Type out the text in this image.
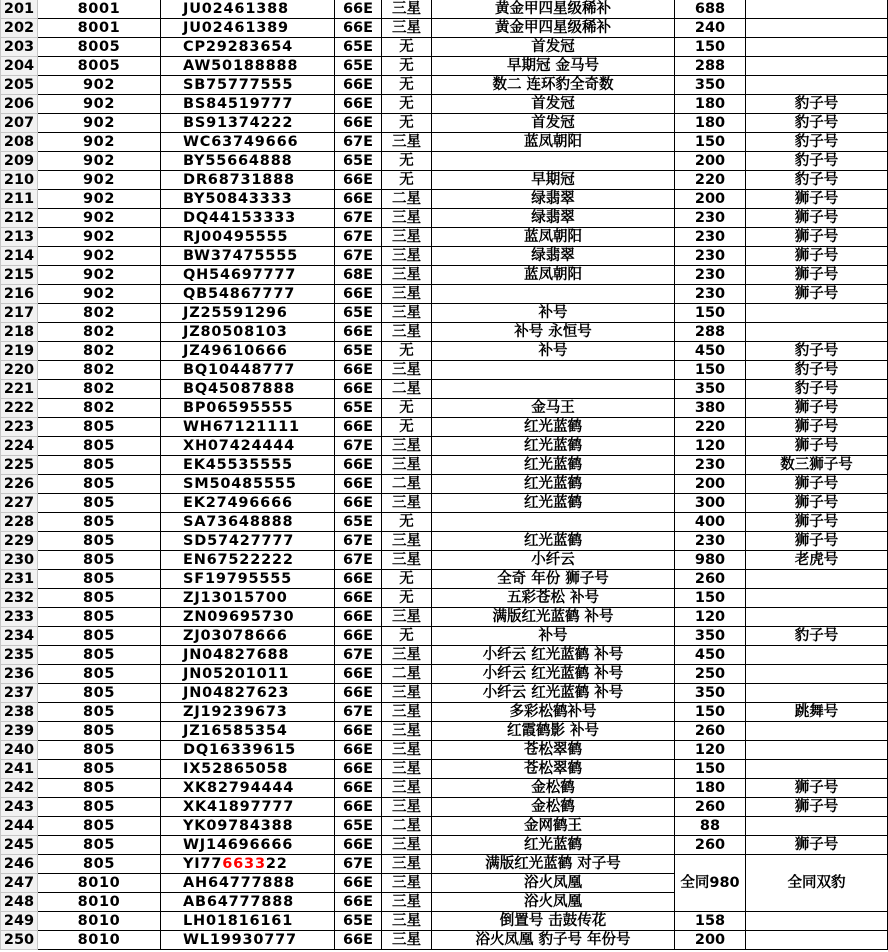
201	8001	JU02461388	66E	三星	黄金甲四星级稀补	688	
202	8001	JU02461389	66E	三星	黄金甲四星级稀补	240	
203	8005	CP29283654	65E	无	首发冠	150	
204	8005	AW50188888	65E	无	早期冠 金马号	288	
205	902	SB75777555	66E	无	数二 连环豹全奇数	350	
206	902	BS84519777	66E	无	首发冠	180	豹子号
207	902	BS91374222	66E	无	首发冠	180	豹子号
208	902	WC63749666	67E	三星	蓝凤朝阳	150	豹子号
209	902	BY55664888	65E	无		200	豹子号
210	902	DR68731888	66E	无	早期冠	220	豹子号
211	902	BY50843333	66E	二星	绿翡翠	200	狮子号
212	902	DQ44153333	67E	三星	绿翡翠	230	狮子号
213	902	RJ00495555	67E	三星	蓝凤朝阳	230	狮子号
214	902	BW37475555	67E	三星	绿翡翠	230	狮子号
215	902	QH54697777	68E	三星	蓝凤朝阳	230	狮子号
216	902	QB54867777	66E	三星		230	狮子号
217	802	JZ25591296	65E	三星	补号	150	
218	802	JZ80508103	66E	三星	补号 永恒号	288	
219	802	JZ49610666	65E	无	补号	450	豹子号
220	802	BQ10448777	66E	三星		150	豹子号
221	802	BQ45087888	66E	二星		350	豹子号
222	802	BP06595555	65E	无	金马王	380	狮子号
223	805	WH67121111	66E	无	红光蓝鹤	220	狮子号
224	805	XH07424444	67E	三星	红光蓝鹤	120	狮子号
225	805	EK45535555	66E	三星	红光蓝鹤	230	数三狮子号
226	805	SM50485555	66E	二星	红光蓝鹤	200	狮子号
227	805	EK27496666	66E	三星	红光蓝鹤	300	狮子号
228	805	SA73648888	65E	无		400	狮子号
229	805	SD57427777	67E	三星	红光蓝鹤	230	狮子号
230	805	EN67522222	67E	三星	小纤云	980	老虎号
231	805	SF19795555	66E	无	全奇 年份 狮子号	260	
232	805	ZJ13015700	66E	无	五彩苍松 补号	150	
233	805	ZN09695730	66E	三星	满版红光蓝鹤 补号	120	
234	805	ZJ03078666	66E	无	补号	350	豹子号
235	805	JN04827688	67E	三星	小纤云 红光蓝鹤 补号	450	
236	805	JN05201011	66E	二星	小纤云 红光蓝鹤 补号	250	
237	805	JN04827623	66E	三星	小纤云 红光蓝鹤 补号	350	
238	805	ZJ19239673	67E	三星	多彩松鹤补号	150	跳舞号
239	805	JZ16585354	66E	三星	红霞鹤影 补号	260	
240	805	DQ16339615	66E	三星	苍松翠鹤	120	
241	805	IX52865058	66E	三星	苍松翠鹤	150	
242	805	XK82794444	66E	三星	金松鹤	180	狮子号
243	805	XK41897777	66E	三星	金松鹤	260	狮子号
244	805	YK09784388	65E	二星	金网鹤王	88	
245	805	WJ14696666	66E	三星	红光蓝鹤	260	狮子号
246	805	YI77663322	67E	三星	满版红光蓝鹤 对子号	全同980	全同双豹
247	8010	AH64777888	66E	三星	浴火凤凰		
248	8010	AB64777888	66E	三星	浴火凤凰		
249	8010	LH01816161	65E	三星	倒置号 击鼓传花	158	
250	8010	WL19930777	66E	三星	浴火凤凰 豹子号 年份号	200	
